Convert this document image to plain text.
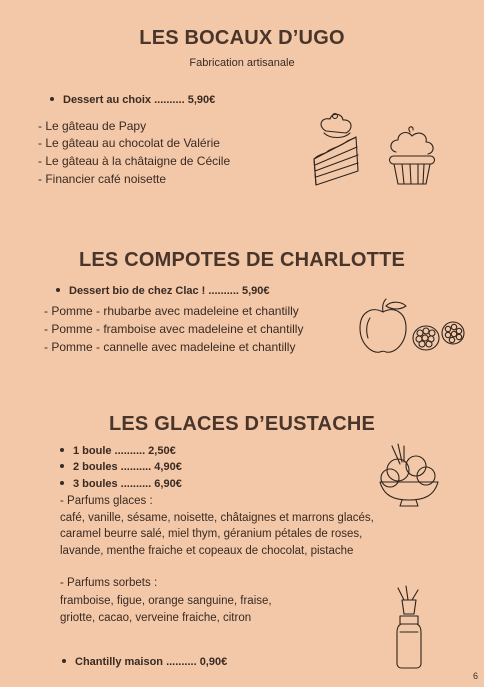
LES BOCAUX D’UGO
Fabrication artisanale
Dessert au choix .......... 5,90€
- Le gâteau de Papy
- Le gâteau au chocolat de Valérie
- Le gâteau à la châtaigne de Cécile
- Financier café noisette
LES COMPOTES DE CHARLOTTE
Dessert bio de chez Clac ! .......... 5,90€
- Pomme - rhubarbe avec madeleine et chantilly
- Pomme - framboise avec madeleine et chantilly
- Pomme - cannelle avec madeleine et chantilly
LES GLACES D’EUSTACHE
1 boule .......... 2,50€
2 boules .......... 4,90€
3 boules .......... 6,90€
- Parfums glaces :
café, vanille, sésame, noisette, châtaignes et marrons glacés,
caramel beurre salé, miel thym, géranium pétales de roses,
lavande, menthe fraiche et copeaux de chocolat, pistache
- Parfums sorbets :
framboise, figue, orange sanguine, fraise,
griotte, cacao, verveine fraiche, citron
Chantilly maison .......... 0,90€
6
